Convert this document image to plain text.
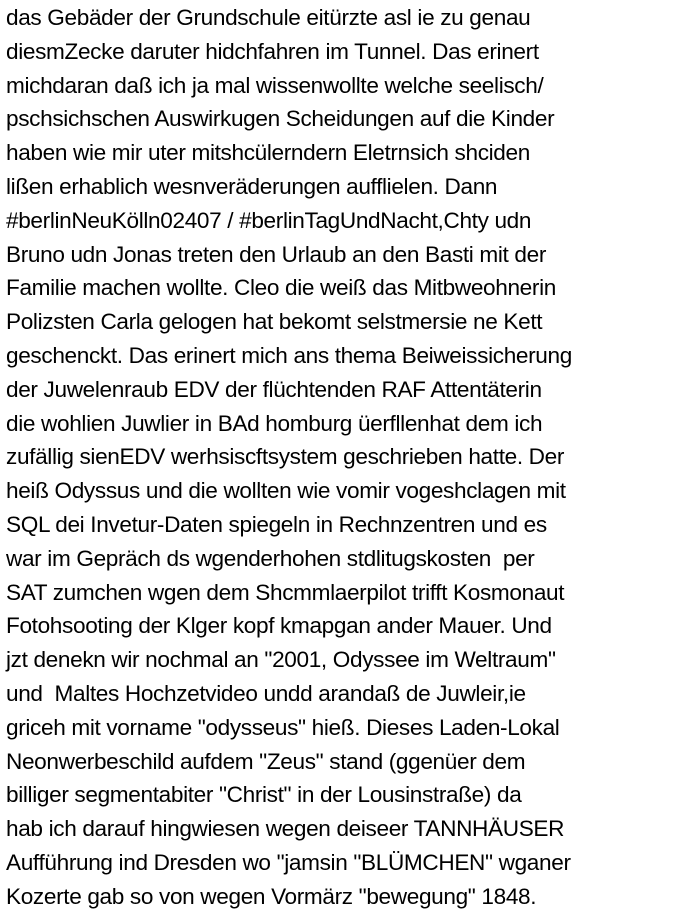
das Gebäder der Grundschule eitürzte asl ie zu genau
diesmZecke daruter hidchfahren im Tunnel. Das erinert
michdaran daß ich ja mal wissenwollte welche seelisch/
pschsichschen Auswirkugen Scheidungen auf die Kinder
haben wie mir uter mitshcülerndern Eletrnsich shciden
lißen erhablich wesnveräderungen aufflielen. Dann
#berlinNeuKölln02407 / #berlinTagUndNacht,Chty udn
Bruno udn Jonas treten den Urlaub an den Basti mit der
Familie machen wollte. Cleo die weiß das Mitbweohnerin
Polizsten Carla gelogen hat bekomt selstmersie ne Kett
geschenckt. Das erinert mich ans thema Beiweissicherung
der Juwelenraub EDV der flüchtenden RAF Attentäterin
die wohlien Juwlier in BAd homburg üerfllenhat dem ich
zufällig sienEDV werhsiscftsystem geschrieben hatte. Der
heiß Odyssus und die wollten wie vomir vogeshclagen mit
SQL dei Invetur-Daten spiegeln in Rechnzentren und es
war im Gepräch ds wgenderhohen stdlitugskosten  per
SAT zumchen wgen dem Shcmmlaerpilot trifft Kosmonaut
Fotohsooting der Klger kopf kmapgan ander Mauer. Und
jzt denekn wir nochmal an "2001, Odyssee im Weltraum"
und  Maltes Hochzetvideo undd arandaß de Juwleir,ie
griceh mit vorname "odysseus" hieß. Dieses Laden-Lokal
Neonwerbeschild aufdem "Zeus" stand (ggenüer dem
billiger segmentabiter "Christ" in der Lousinstraße) da
hab ich darauf hingwiesen wegen deiseer TANNHÄUSER
Aufführung ind Dresden wo "jamsin "BLÜMCHEN" wganer
Kozerte gab so von wegen Vormärz "bewegung" 1848.
